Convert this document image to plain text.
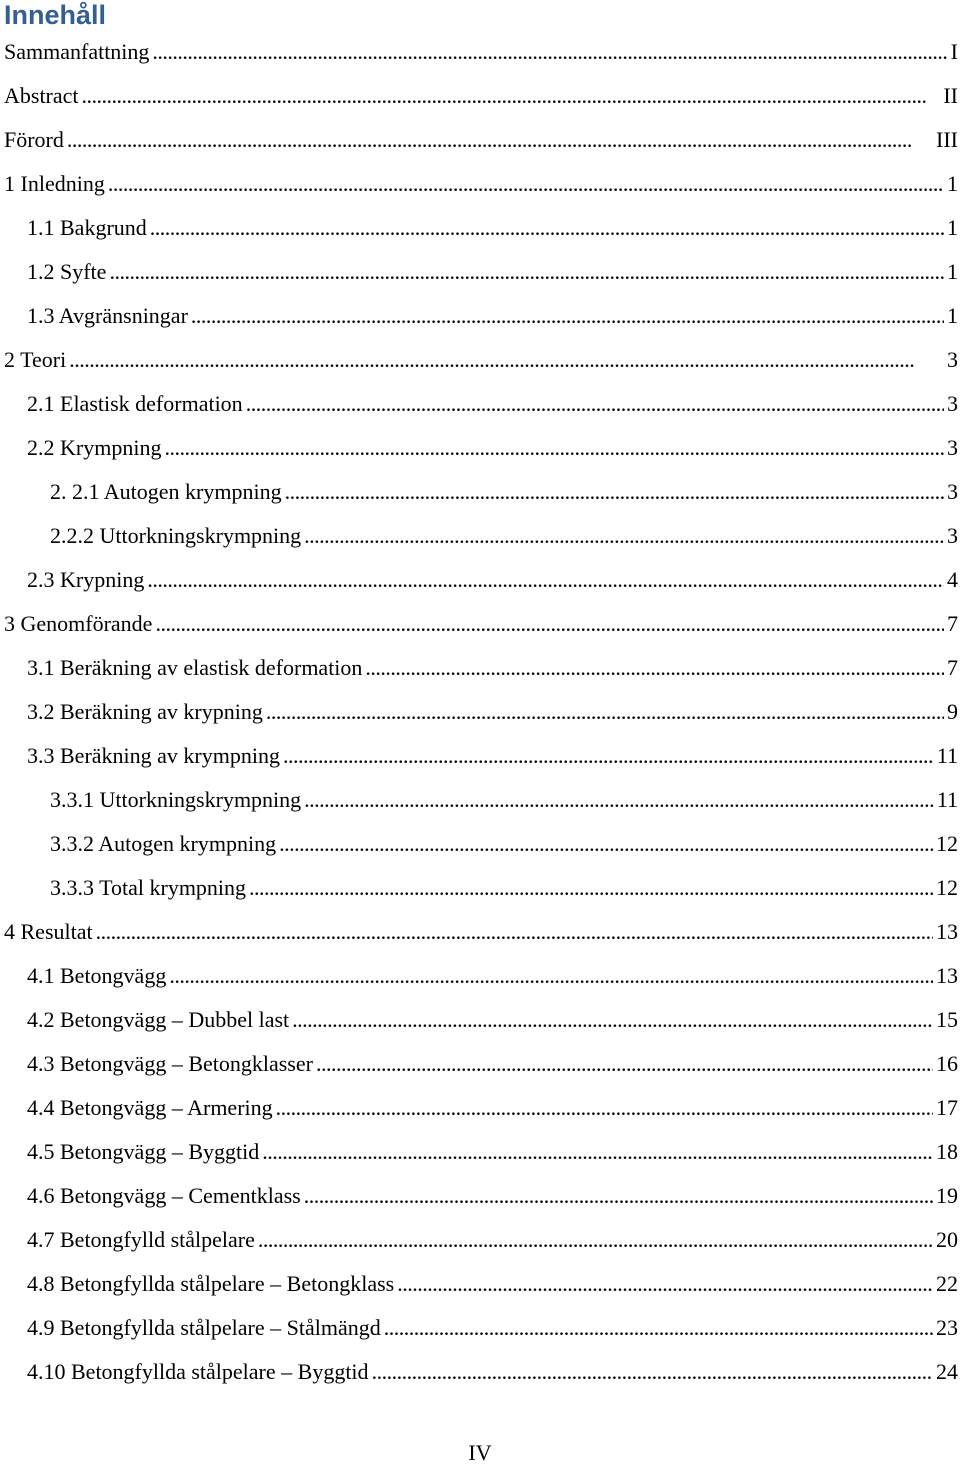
Innehåll
Sammanfattning . . .	I
Abstract . . .	II
Förord . . .	III
1 Inledning . . .	1
1.1 Bakgrund . . .	1
1.2 Syfte . . .	1
1.3 Avgränsningar . . .	1
2 Teori . . .	3
2.1 Elastisk deformation . . .	3
2.2 Krympning . . .	3
2. 2.1 Autogen krympning . . .	3
2.2.2 Uttorkningskrympning . . .	3
2.3 Krypning . . .	4
3 Genomförande . . .	7
3.1 Beräkning av elastisk deformation . . .	7
3.2 Beräkning av krypning . . .	9
3.3 Beräkning av krympning . . .	11
3.3.1 Uttorkningskrympning . . .	11
3.3.2 Autogen krympning . . .	12
3.3.3 Total krympning . . .	12
4 Resultat . . .	13
4.1 Betongvägg . . .	13
4.2 Betongvägg – Dubbel last . . .	15
4.3 Betongvägg – Betongklasser . . .	16
4.4 Betongvägg – Armering . . .	17
4.5 Betongvägg – Byggtid . . .	18
4.6 Betongvägg – Cementklass . . .	19
4.7 Betongfylld stålpelare . . .	20
4.8 Betongfyllda stålpelare – Betongklass . . .	22
4.9 Betongfyllda stålpelare – Stålmängd . . .	23
4.10 Betongfyllda stålpelare – Byggtid . . .	24
IV
